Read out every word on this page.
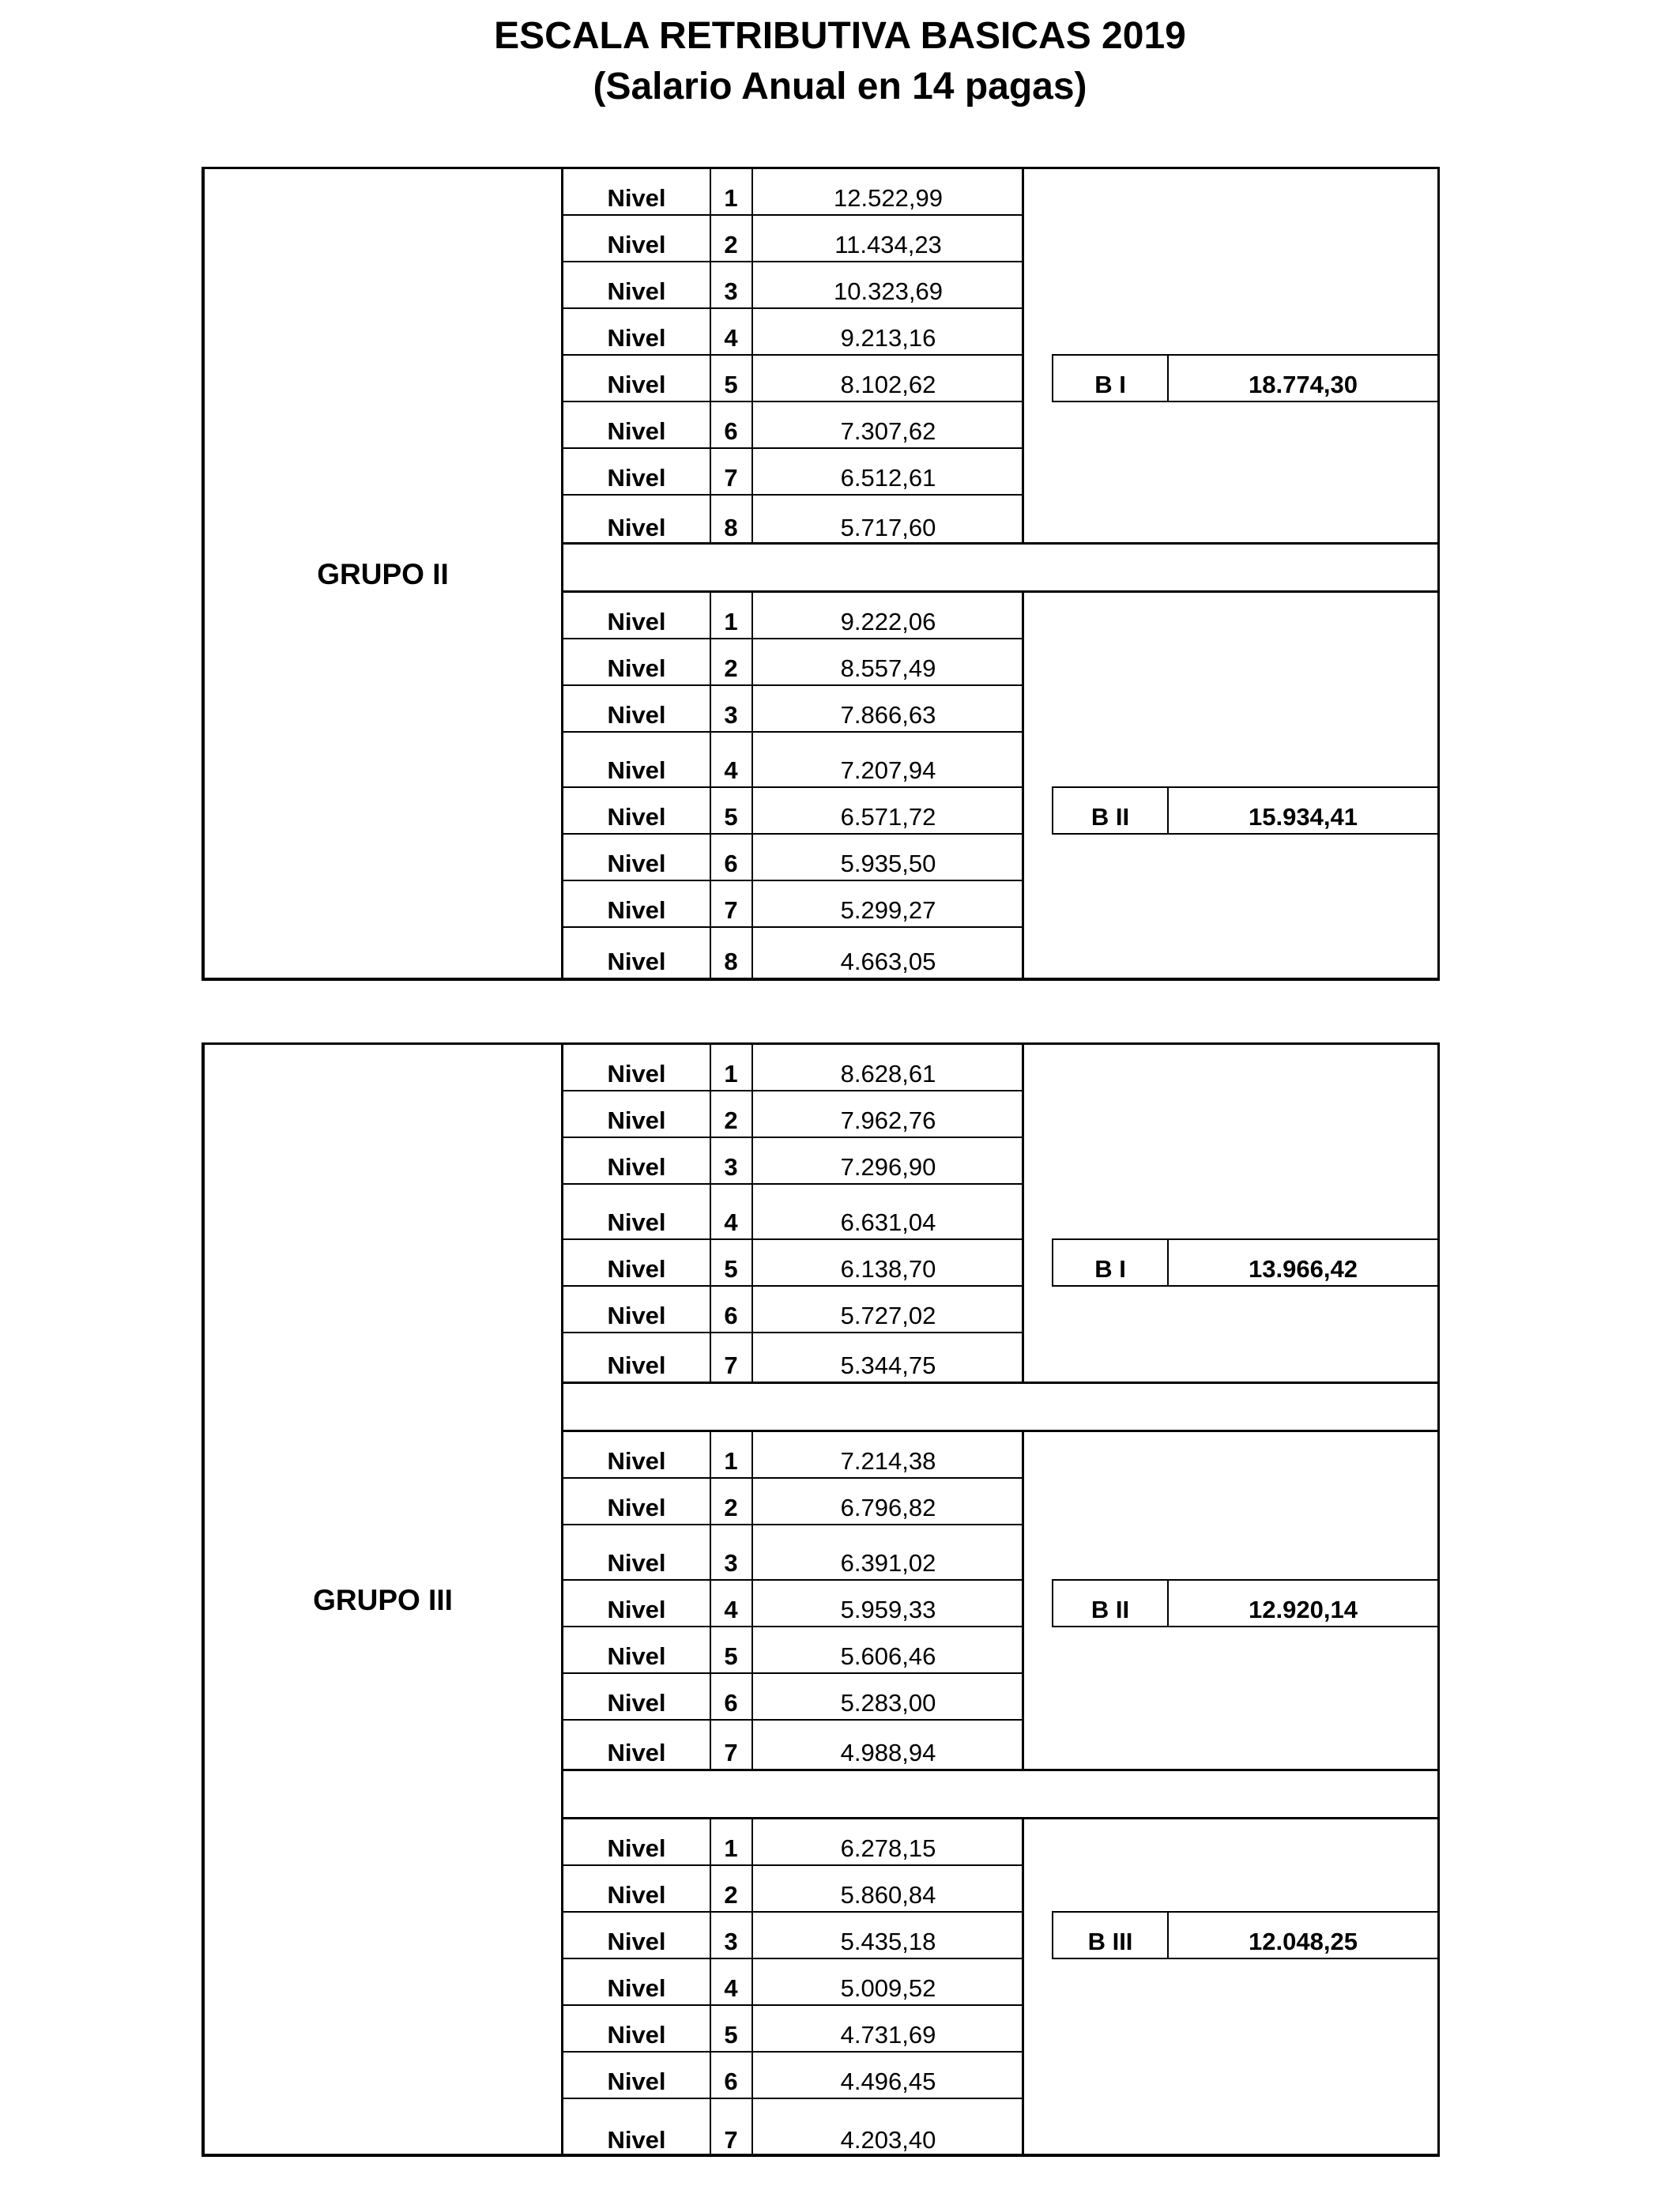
ESCALA RETRIBUTIVA BASICAS 2019
(Salario Anual en 14 pagas)
GRUPO II
Nivel	1	12.522,99
Nivel	2	11.434,23
Nivel	3	10.323,69
Nivel	4	9.213,16
Nivel	5	8.102,62	B I	18.774,30
Nivel	6	7.307,62
Nivel	7	6.512,61
Nivel	8	5.717,60
Nivel	1	9.222,06
Nivel	2	8.557,49
Nivel	3	7.866,63
Nivel	4	7.207,94
Nivel	5	6.571,72	B II	15.934,41
Nivel	6	5.935,50
Nivel	7	5.299,27
Nivel	8	4.663,05
GRUPO III
Nivel	1	8.628,61
Nivel	2	7.962,76
Nivel	3	7.296,90
Nivel	4	6.631,04
Nivel	5	6.138,70	B I	13.966,42
Nivel	6	5.727,02
Nivel	7	5.344,75
Nivel	1	7.214,38
Nivel	2	6.796,82
Nivel	3	6.391,02
Nivel	4	5.959,33	B II	12.920,14
Nivel	5	5.606,46
Nivel	6	5.283,00
Nivel	7	4.988,94
Nivel	1	6.278,15
Nivel	2	5.860,84
Nivel	3	5.435,18	B III	12.048,25
Nivel	4	5.009,52
Nivel	5	4.731,69
Nivel	6	4.496,45
Nivel	7	4.203,40
